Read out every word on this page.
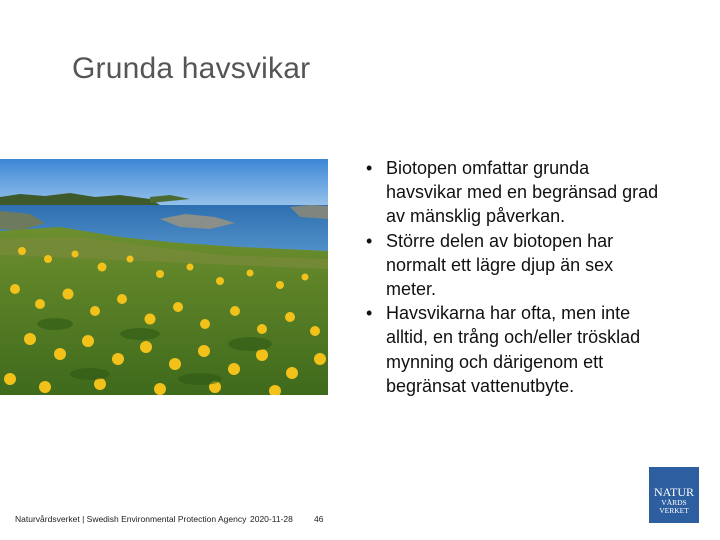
Grunda havsvikar
• Biotopen omfattar grunda havsvikar med en begränsad grad av mänsklig påverkan.
• Större delen av biotopen har normalt ett lägre djup än sex meter.
• Havsvikarna har ofta, men inte alltid, en trång och/eller trösklad mynning och därigenom ett begränsat vattenutbyte.
Naturvårdsverket | Swedish Environmental Protection Agency 2020-11-28 46
NATUR
VÅRDS
VERKET
